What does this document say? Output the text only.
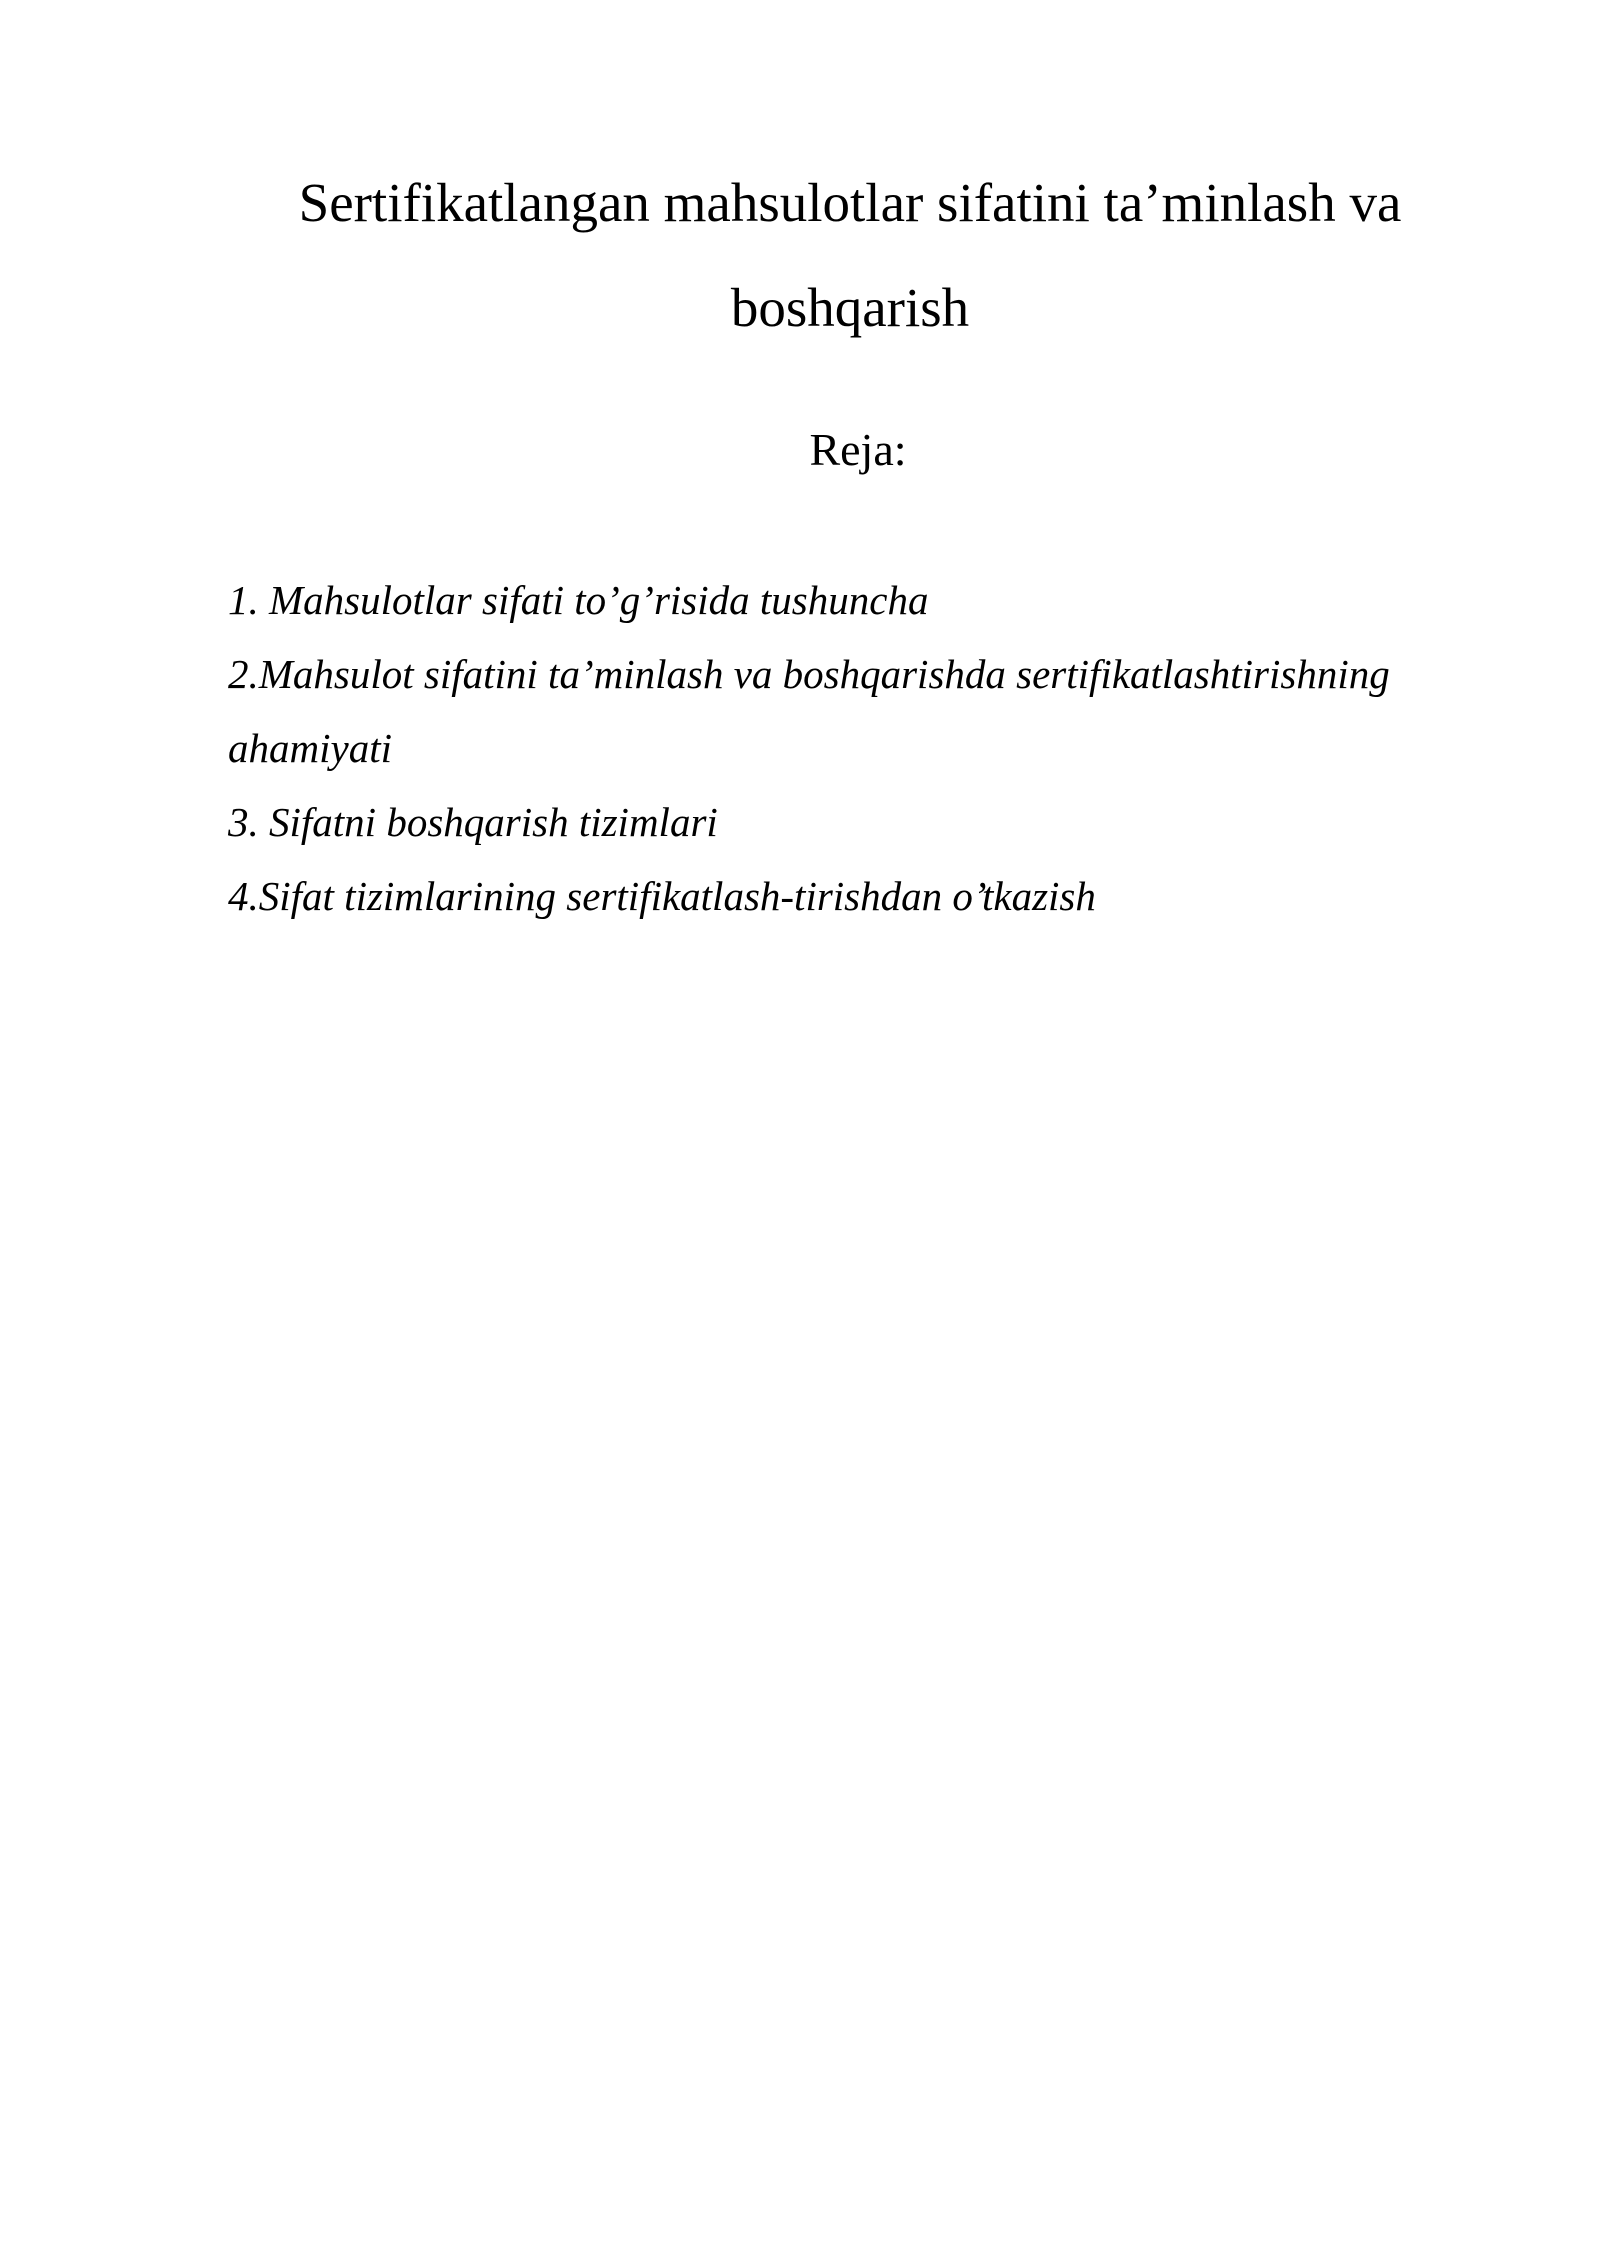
Sertifikatlangan mahsulotlar sifatini ta’minlash va
boshqarish
Reja:
1. Mahsulotlar sifati to’g’risida tushuncha
2.Mahsulot sifatini ta’minlash va boshqarishda sertifikatlashtirishning
ahamiyati
3. Sifatni boshqarish tizimlari
4.Sifat tizimlarining sertifikatlash-tirishdan o’tkazish
